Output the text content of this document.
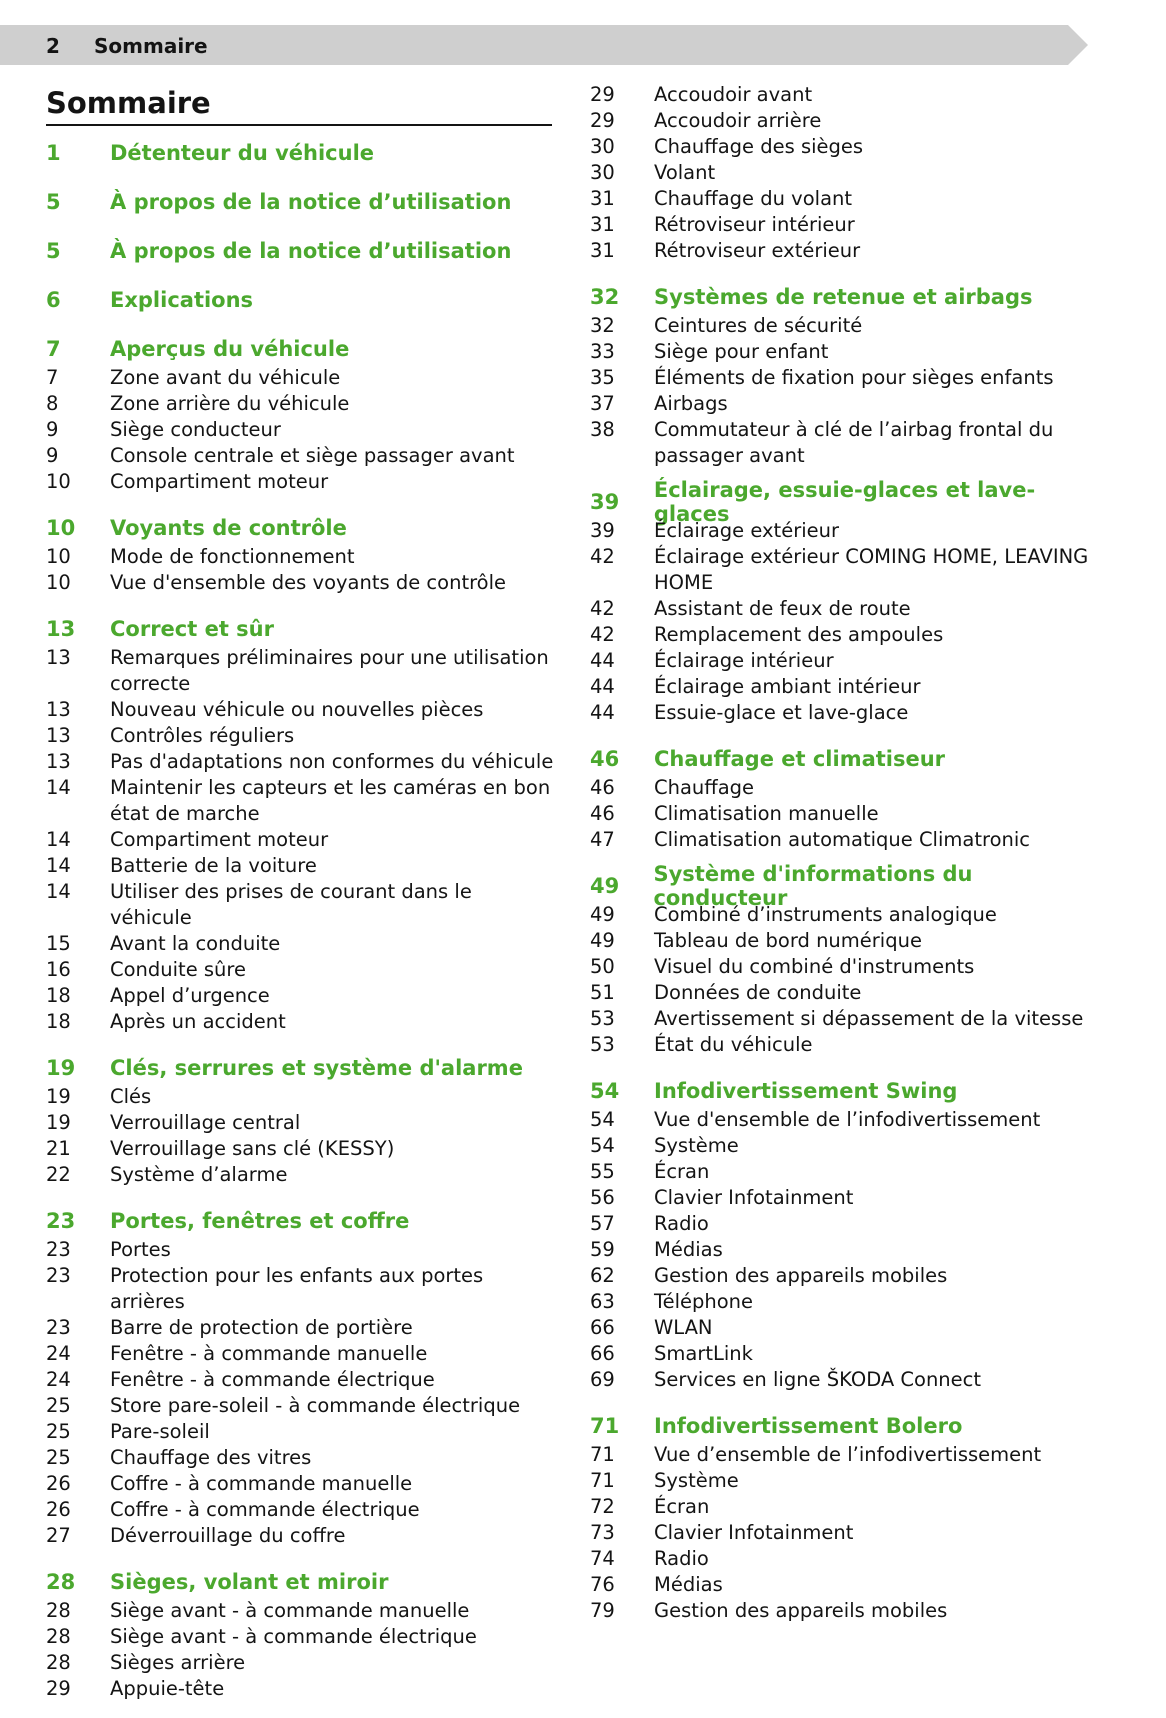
2 Sommaire
Sommaire
1	Détenteur du véhicule
5	À propos de la notice d’utilisation
5	À propos de la notice d’utilisation
6	Explications
7	Aperçus du véhicule
7	Zone avant du véhicule
8	Zone arrière du véhicule
9	Siège conducteur
9	Console centrale et siège passager avant
10	Compartiment moteur
10	Voyants de contrôle
10	Mode de fonctionnement
10	Vue d'ensemble des voyants de contrôle
13	Correct et sûr
13	Remarques préliminaires pour une utilisation correcte
13	Nouveau véhicule ou nouvelles pièces
13	Contrôles réguliers
13	Pas d'adaptations non conformes du véhicule
14	Maintenir les capteurs et les caméras en bon état de marche
14	Compartiment moteur
14	Batterie de la voiture
14	Utiliser des prises de courant dans le véhicule
15	Avant la conduite
16	Conduite sûre
18	Appel d’urgence
18	Après un accident
19	Clés, serrures et système d'alarme
19	Clés
19	Verrouillage central
21	Verrouillage sans clé (KESSY)
22	Système d’alarme
23	Portes, fenêtres et coffre
23	Portes
23	Protection pour les enfants aux portes arrières
23	Barre de protection de portière
24	Fenêtre - à commande manuelle
24	Fenêtre - à commande électrique
25	Store pare-soleil - à commande électrique
25	Pare-soleil
25	Chauffage des vitres
26	Coffre - à commande manuelle
26	Coffre - à commande électrique
27	Déverrouillage du coffre
28	Sièges, volant et miroir
28	Siège avant - à commande manuelle
28	Siège avant - à commande électrique
28	Sièges arrière
29	Appuie-tête
29	Accoudoir avant
29	Accoudoir arrière
30	Chauffage des sièges
30	Volant
31	Chauffage du volant
31	Rétroviseur intérieur
31	Rétroviseur extérieur
32	Systèmes de retenue et airbags
32	Ceintures de sécurité
33	Siège pour enfant
35	Éléments de fixation pour sièges enfants
37	Airbags
38	Commutateur à clé de l’airbag frontal du passager avant
39	Éclairage, essuie-glaces et lave-glaces
39	Éclairage extérieur
42	Éclairage extérieur COMING HOME, LEAVING HOME
42	Assistant de feux de route
42	Remplacement des ampoules
44	Éclairage intérieur
44	Éclairage ambiant intérieur
44	Essuie-glace et lave-glace
46	Chauffage et climatiseur
46	Chauffage
46	Climatisation manuelle
47	Climatisation automatique Climatronic
49	Système d'informations du conducteur
49	Combiné d’instruments analogique
49	Tableau de bord numérique
50	Visuel du combiné d'instruments
51	Données de conduite
53	Avertissement si dépassement de la vitesse
53	État du véhicule
54	Infodivertissement Swing
54	Vue d'ensemble de l’infodivertissement
54	Système
55	Écran
56	Clavier Infotainment
57	Radio
59	Médias
62	Gestion des appareils mobiles
63	Téléphone
66	WLAN
66	SmartLink
69	Services en ligne ŠKODA Connect
71	Infodivertissement Bolero
71	Vue d’ensemble de l’infodivertissement
71	Système
72	Écran
73	Clavier Infotainment
74	Radio
76	Médias
79	Gestion des appareils mobiles
